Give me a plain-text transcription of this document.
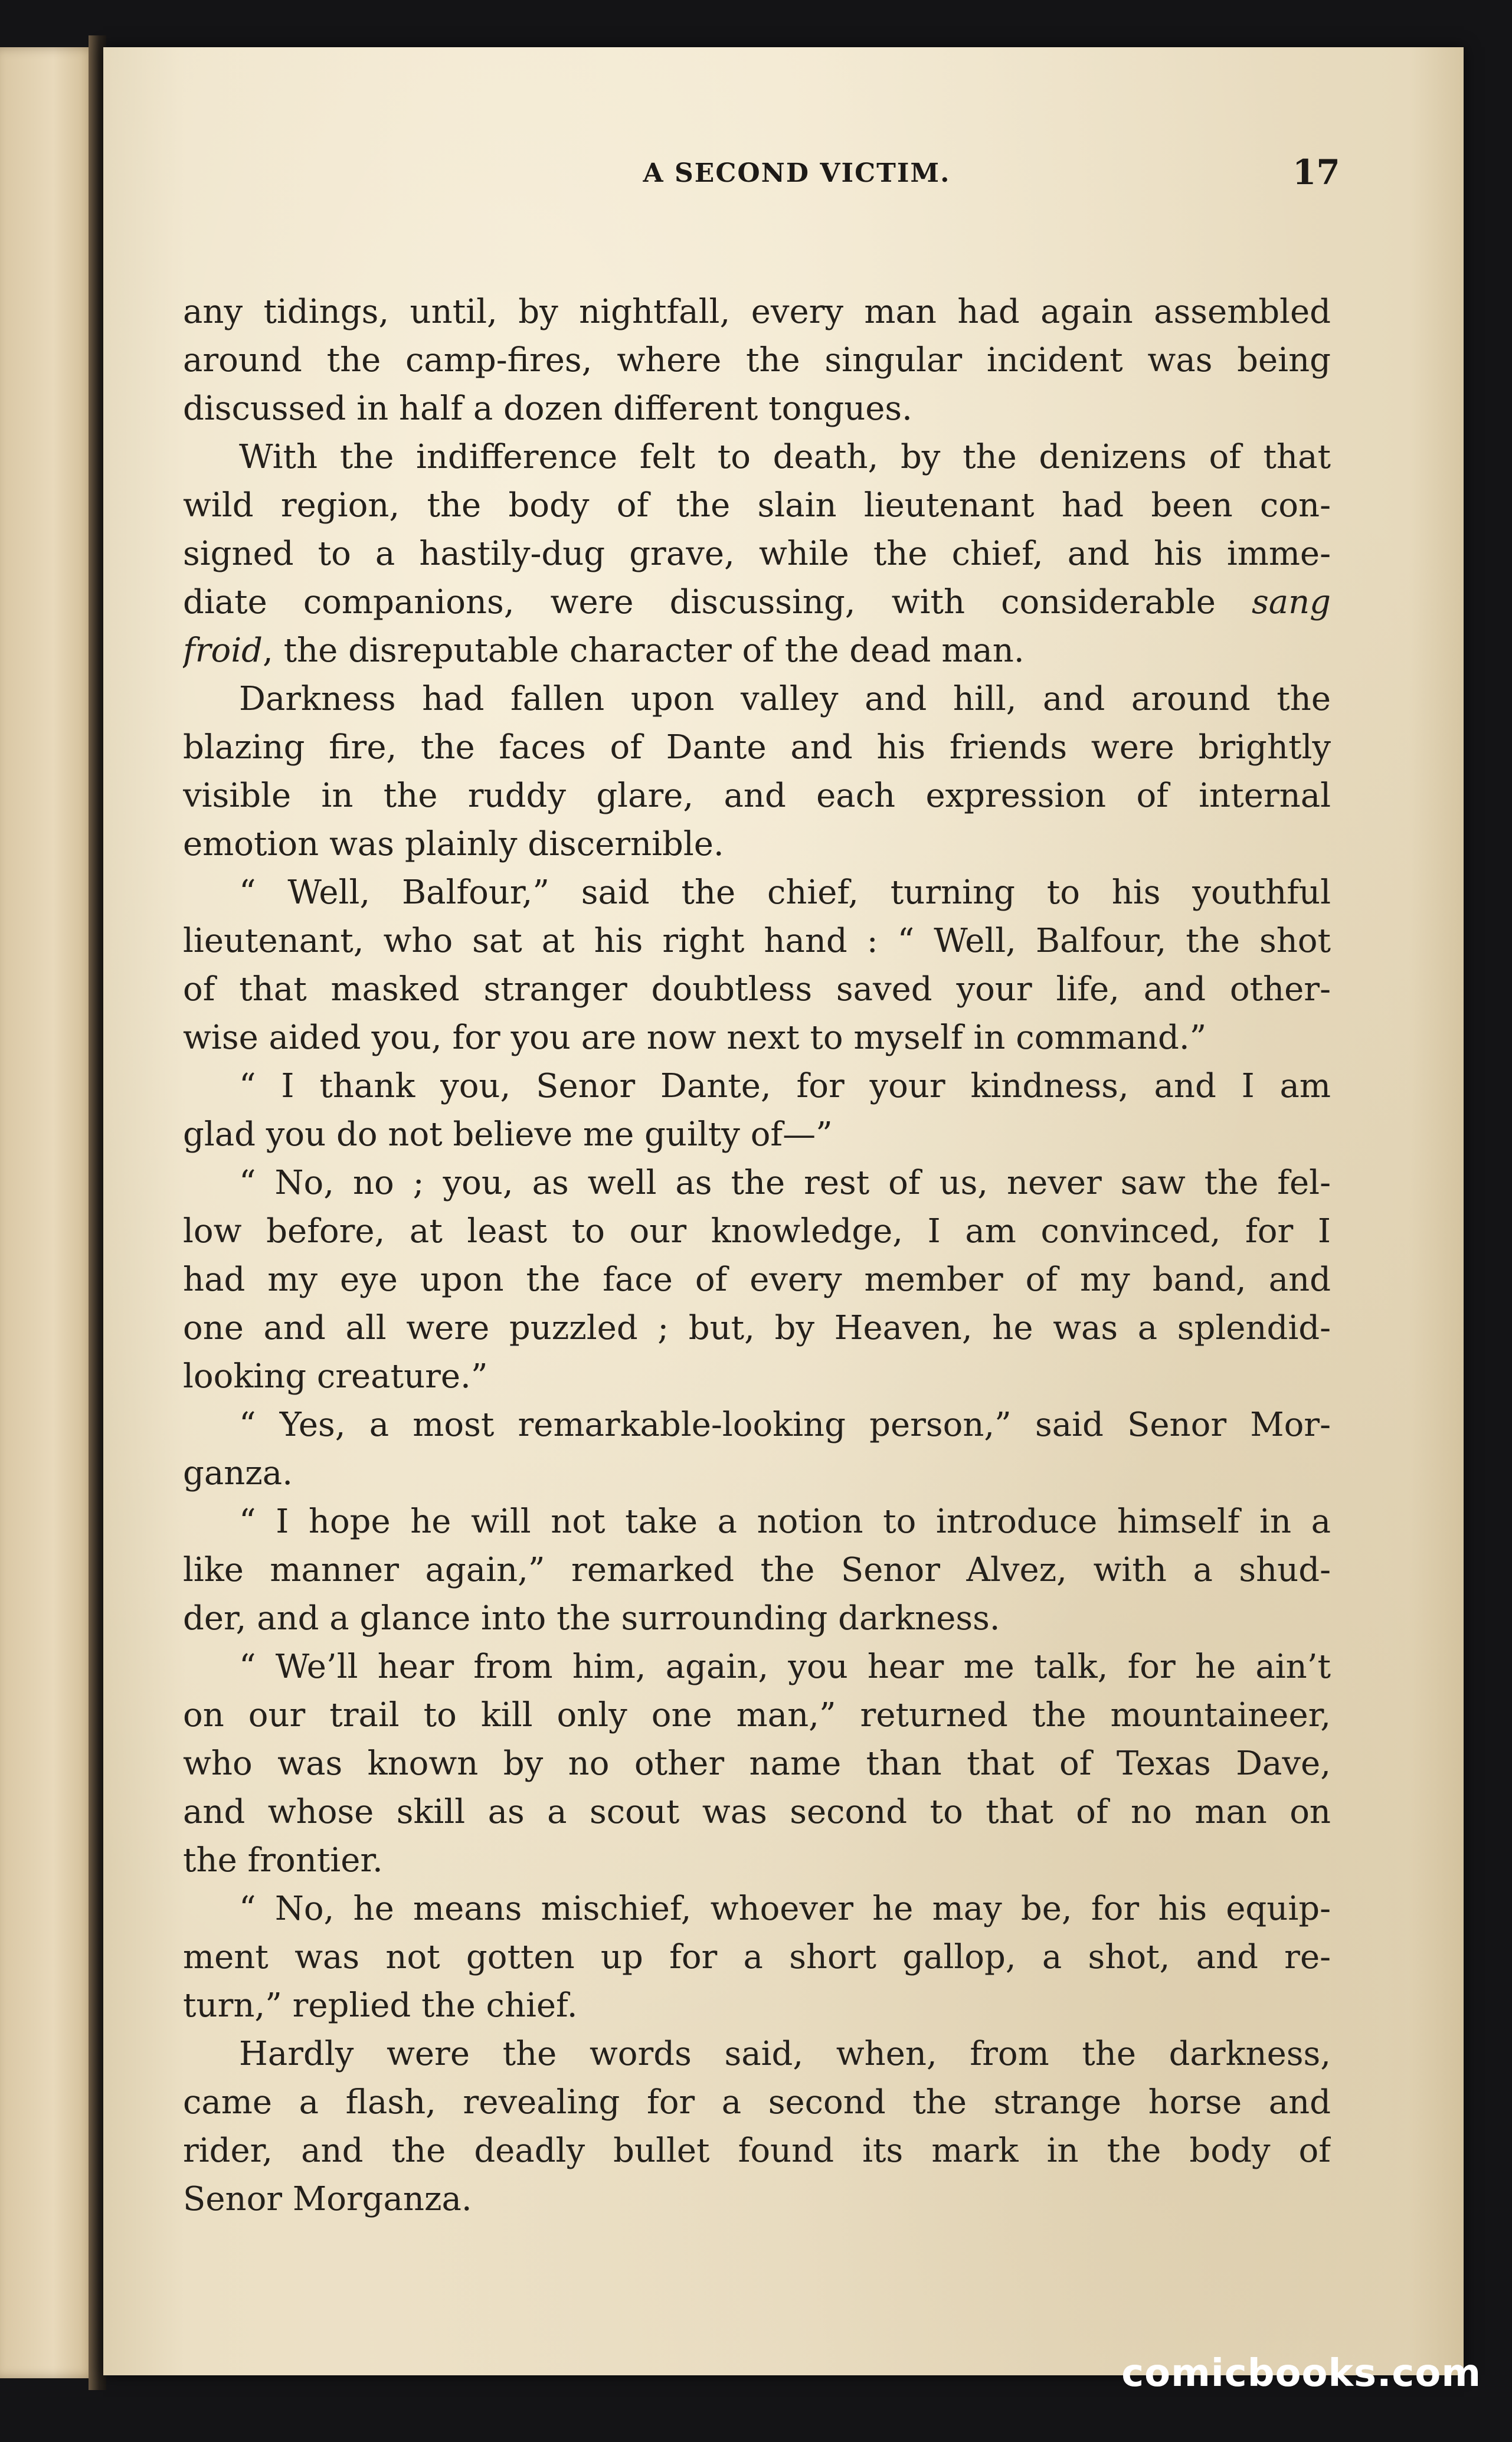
A SECOND VICTIM.	17
any tidings, until, by nightfall, every man had again assembled
around the camp-fires, where the singular incident was being
discussed in half a dozen different tongues.
With the indifference felt to death, by the denizens of that
wild region, the body of the slain lieutenant had been con-
signed to a hastily-dug grave, while the chief, and his imme-
diate companions, were discussing, with considerable sang
froid, the disreputable character of the dead man.
Darkness had fallen upon valley and hill, and around the
blazing fire, the faces of Dante and his friends were brightly
visible in the ruddy glare, and each expression of internal
emotion was plainly discernible.
“ Well, Balfour,” said the chief, turning to his youthful
lieutenant, who sat at his right hand : “ Well, Balfour, the shot
of that masked stranger doubtless saved your life, and other-
wise aided you, for you are now next to myself in command.”
“ I thank you, Senor Dante, for your kindness, and I am
glad you do not believe me guilty of—”
“ No, no ; you, as well as the rest of us, never saw the fel-
low before, at least to our knowledge, I am convinced, for I
had my eye upon the face of every member of my band, and
one and all were puzzled ; but, by Heaven, he was a splendid-
looking creature.”
“ Yes, a most remarkable-looking person,” said Senor Mor-
ganza.
“ I hope he will not take a notion to introduce himself in a
like manner again,” remarked the Senor Alvez, with a shud-
der, and a glance into the surrounding darkness.
“ We’ll hear from him, again, you hear me talk, for he ain’t
on our trail to kill only one man,” returned the mountaineer,
who was known by no other name than that of Texas Dave,
and whose skill as a scout was second to that of no man on
the frontier.
“ No, he means mischief, whoever he may be, for his equip-
ment was not gotten up for a short gallop, a shot, and re-
turn,” replied the chief.
Hardly were the words said, when, from the darkness,
came a flash, revealing for a second the strange horse and
rider, and the deadly bullet found its mark in the body of
Senor Morganza.
comicbooks.com
